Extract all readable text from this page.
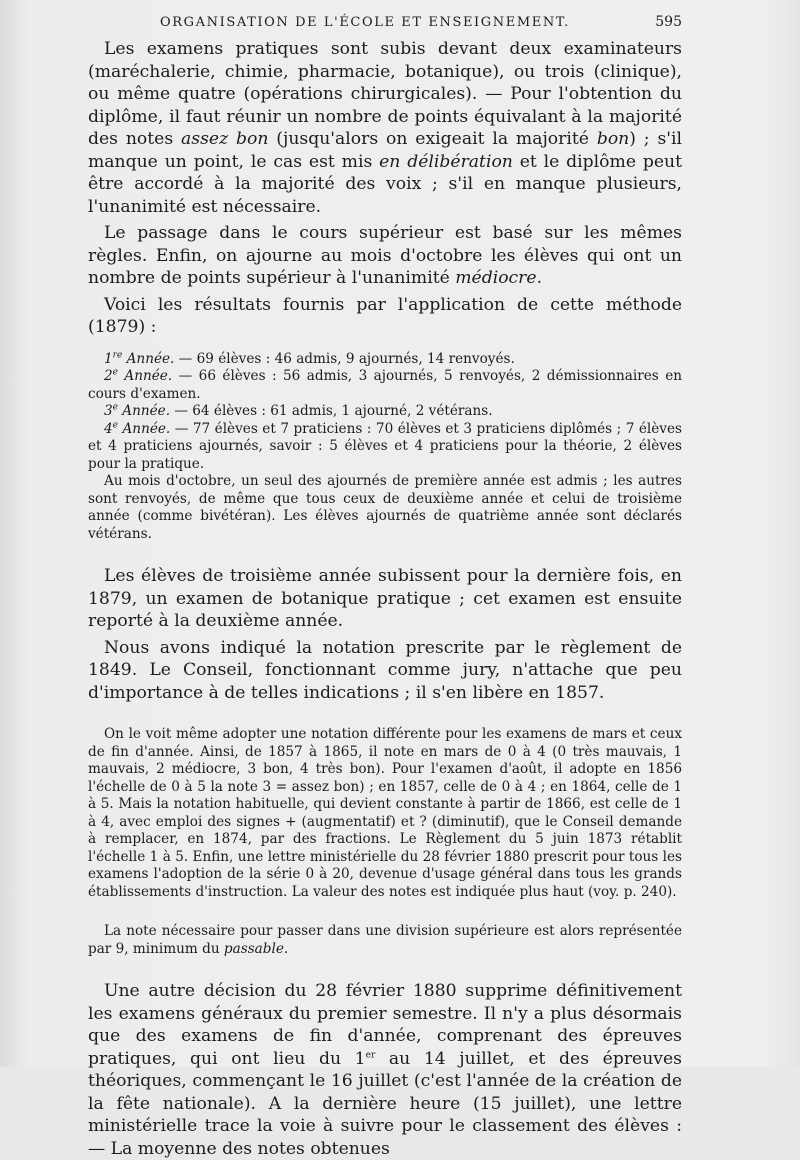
ORGANISATION DE L'ÉCOLE ET ENSEIGNEMENT.	595

Les examens pratiques sont subis devant deux examinateurs (maréchalerie, chimie, pharmacie, botanique), ou trois (clinique), ou même quatre (opérations chirurgicales). — Pour l'obtention du diplôme, il faut réunir un nombre de points équivalant à la majorité des notes assez bon (jusqu'alors on exigeait la majorité bon) ; s'il manque un point, le cas est mis en délibération et le diplôme peut être accordé à la majorité des voix ; s'il en manque plusieurs, l'unanimité est nécessaire.

Le passage dans le cours supérieur est basé sur les mêmes règles. Enfin, on ajourne au mois d'octobre les élèves qui ont un nombre de points supérieur à l'unanimité médiocre.

Voici les résultats fournis par l'application de cette méthode (1879) :

1re Année. — 69 élèves : 46 admis, 9 ajournés, 14 renvoyés.

2e Année. — 66 élèves : 56 admis, 3 ajournés, 5 renvoyés, 2 démissionnaires en cours d'examen.

3e Année. — 64 élèves : 61 admis, 1 ajourné, 2 vétérans.

4e Année. — 77 élèves et 7 praticiens : 70 élèves et 3 praticiens diplômés ; 7 élèves et 4 praticiens ajournés, savoir : 5 élèves et 4 praticiens pour la théorie, 2 élèves pour la pratique.

Au mois d'octobre, un seul des ajournés de première année est admis ; les autres sont renvoyés, de même que tous ceux de deuxième année et celui de troisième année (comme bivétéran). Les élèves ajournés de quatrième année sont déclarés vétérans.

Les élèves de troisième année subissent pour la dernière fois, en 1879, un examen de botanique pratique ; cet examen est ensuite reporté à la deuxième année.

Nous avons indiqué la notation prescrite par le règlement de 1849. Le Conseil, fonctionnant comme jury, n'attache que peu d'importance à de telles indications ; il s'en libère en 1857.

On le voit même adopter une notation différente pour les examens de mars et ceux de fin d'année. Ainsi, de 1857 à 1865, il note en mars de 0 à 4 (0 très mauvais, 1 mauvais, 2 médiocre, 3 bon, 4 très bon). Pour l'examen d'août, il adopte en 1856 l'échelle de 0 à 5 la note 3 = assez bon) ; en 1857, celle de 0 à 4 ; en 1864, celle de 1 à 5. Mais la notation habituelle, qui devient constante à partir de 1866, est celle de 1 à 4, avec emploi des signes + (augmentatif) et ? (diminutif), que le Conseil demande à remplacer, en 1874, par des fractions. Le Règlement du 5 juin 1873 rétablit l'échelle 1 à 5. Enfin, une lettre ministérielle du 28 février 1880 prescrit pour tous les examens l'adoption de la série 0 à 20, devenue d'usage général dans tous les grands établissements d'instruction. La valeur des notes est indiquée plus haut (voy. p. 240).

La note nécessaire pour passer dans une division supérieure est alors représentée par 9, minimum du passable.

Une autre décision du 28 février 1880 supprime définitivement les examens généraux du premier semestre. Il n'y a plus désormais que des examens de fin d'année, comprenant des épreuves pratiques, qui ont lieu du 1er au 14 juillet, et des épreuves théoriques, commençant le 16 juillet (c'est l'année de la création de la fête nationale). A la dernière heure (15 juillet), une lettre ministérielle trace la voie à suivre pour le classement des élèves : — La moyenne des notes obtenues
